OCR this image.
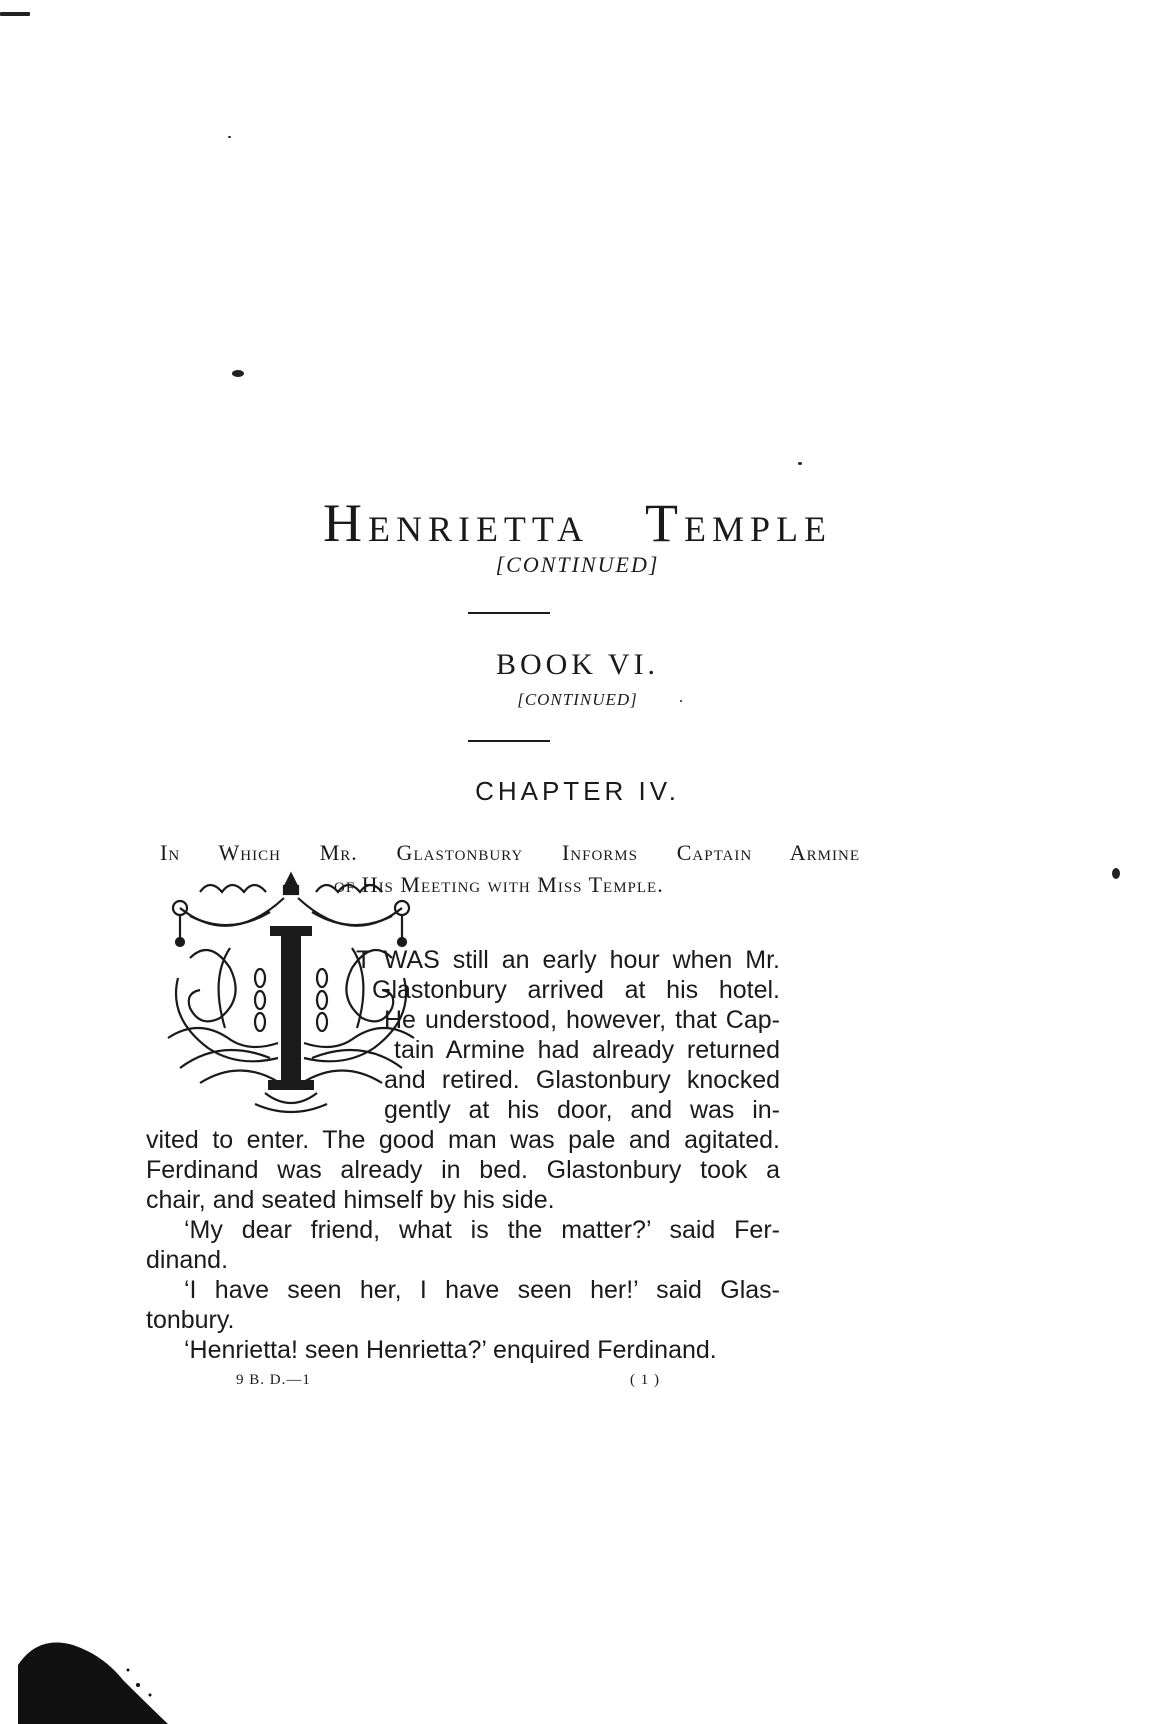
HENRIETTA TEMPLE
[CONTINUED]
BOOK VI.
[CONTINUED]
CHAPTER IV.
In Which Mr. Glastonbury Informs Captain Armine
of His Meeting with Miss Temple.
T WAS still an early hour when Mr.
Glastonbury arrived at his hotel.
He understood, however, that Cap-
tain Armine had already returned
and retired. Glastonbury knocked
gently at his door, and was in-
vited to enter. The good man was pale and agitated.
Ferdinand was already in bed. Glastonbury took a
chair, and seated himself by his side.
‘My dear friend, what is the matter?’ said Fer-
dinand.
‘I have seen her, I have seen her!’ said Glas-
tonbury.
‘Henrietta! seen Henrietta?’ enquired Ferdinand.
9 B. D.—1	( 1 )
